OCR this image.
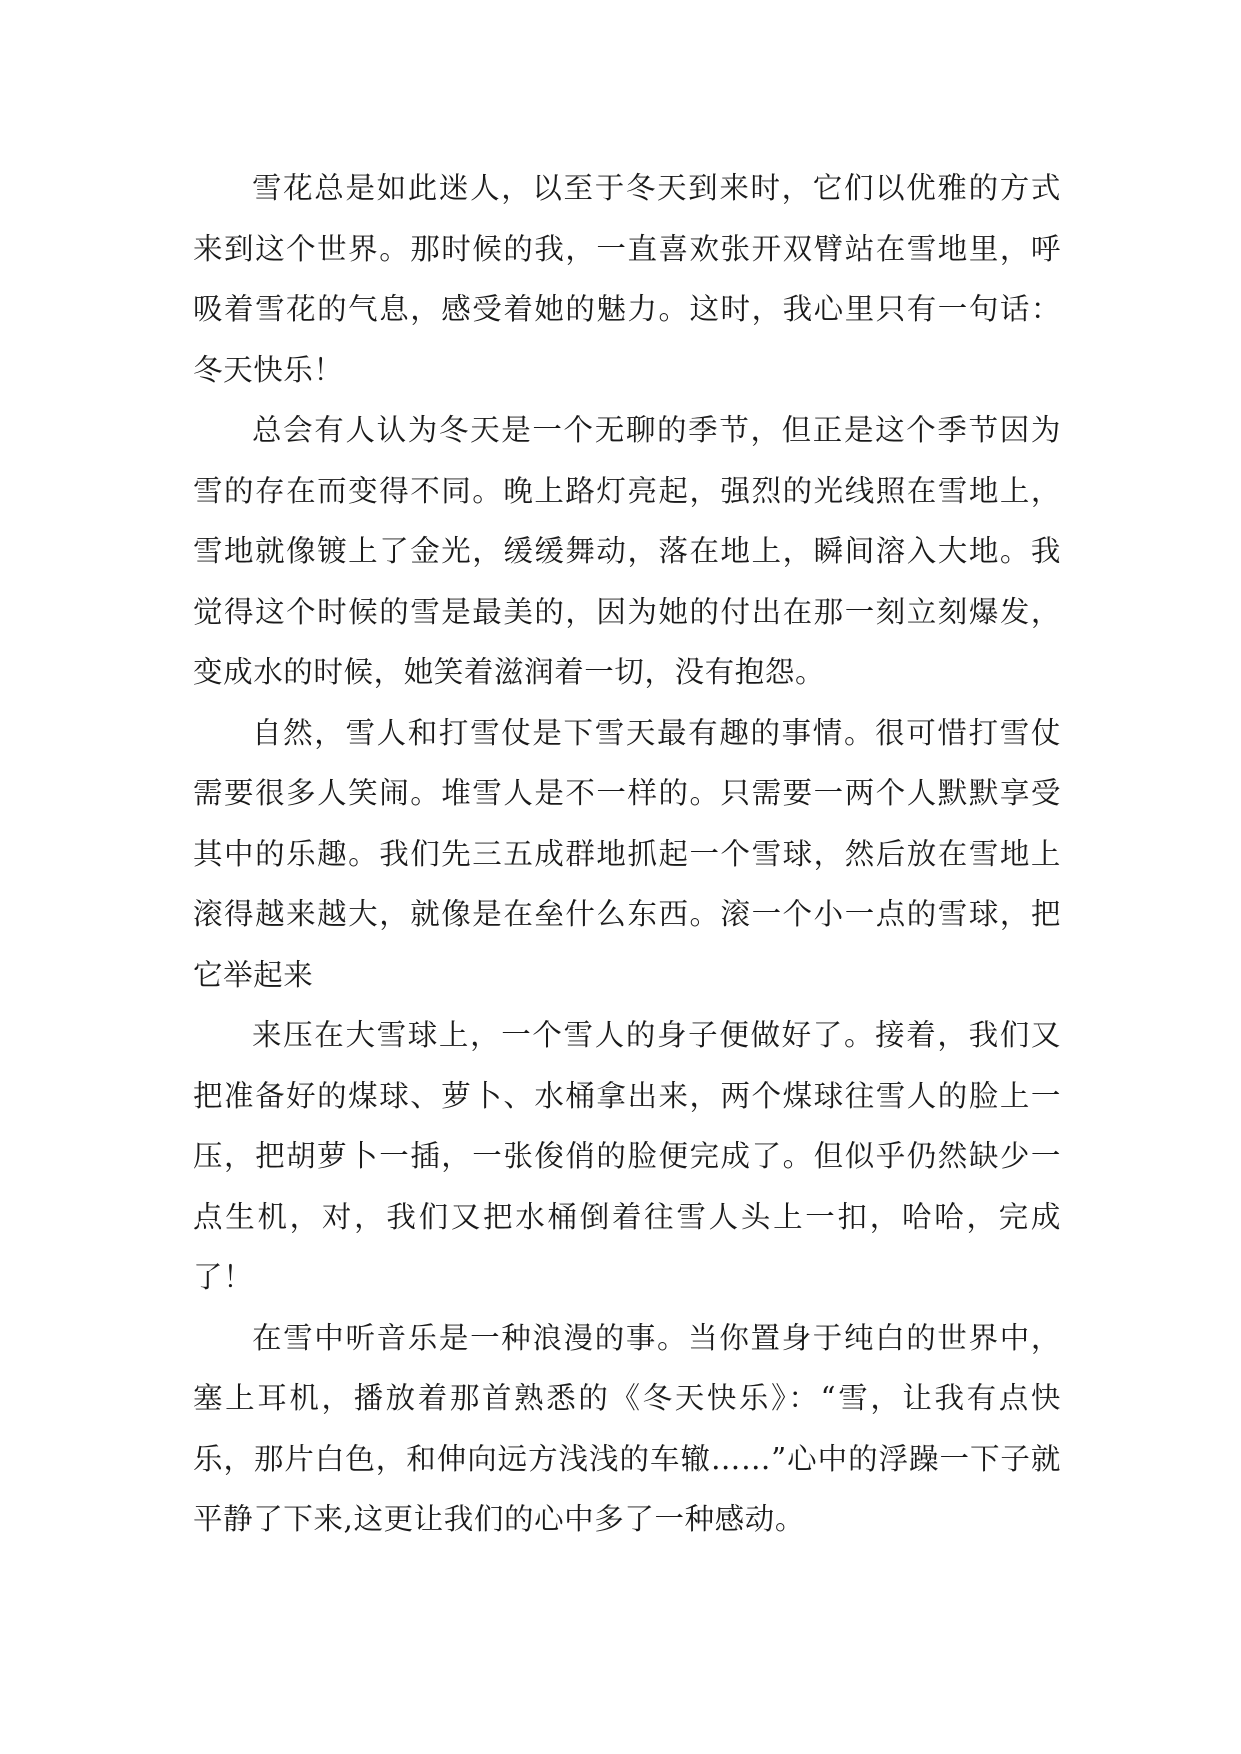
雪花总是如此迷人，以至于冬天到来时，它们以优雅的方式来到这个世界。那时候的我，一直喜欢张开双臂站在雪地里，呼吸着雪花的气息，感受着她的魅力。这时，我心里只有一句话：冬天快乐！

总会有人认为冬天是一个无聊的季节，但正是这个季节因为雪的存在而变得不同。晚上路灯亮起，强烈的光线照在雪地上，雪地就像镀上了金光，缓缓舞动，落在地上，瞬间溶入大地。我觉得这个时候的雪是最美的，因为她的付出在那一刻立刻爆发，变成水的时候，她笑着滋润着一切，没有抱怨。

自然，雪人和打雪仗是下雪天最有趣的事情。很可惜打雪仗需要很多人笑闹。堆雪人是不一样的。只需要一两个人默默享受其中的乐趣。我们先三五成群地抓起一个雪球，然后放在雪地上滚得越来越大，就像是在垒什么东西。滚一个小一点的雪球，把它举起来

来压在大雪球上，一个雪人的身子便做好了。接着，我们又把准备好的煤球、萝卜、水桶拿出来，两个煤球往雪人的脸上一压，把胡萝卜一插，一张俊俏的脸便完成了。但似乎仍然缺少一点生机，对，我们又把水桶倒着往雪人头上一扣，哈哈，完成了！

在雪中听音乐是一种浪漫的事。当你置身于纯白的世界中，塞上耳机，播放着那首熟悉的《冬天快乐》：“雪，让我有点快乐，那片白色，和伸向远方浅浅的车辙……”心中的浮躁一下子就平静了下来,这更让我们的心中多了一种感动。
